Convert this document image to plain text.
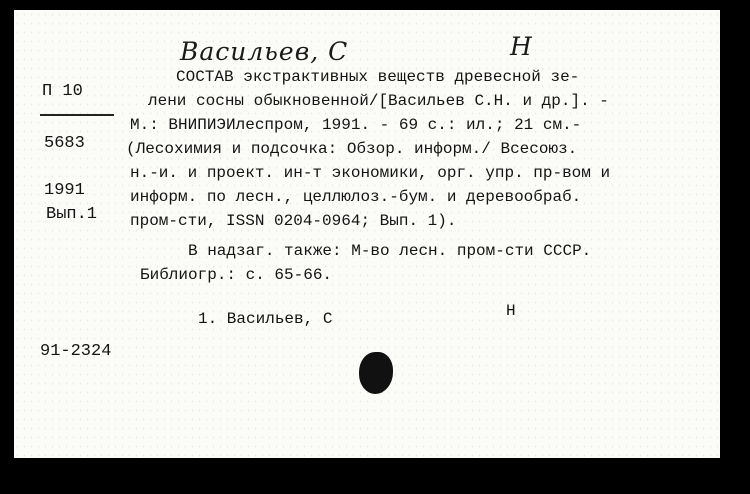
Васильев, С	Н
П 10
5683
1991
Вып.1
91-2324
СОСТАВ экстрактивных веществ древесной зе-
лени сосны обыкновенной/[Васильев С.Н. и др.]. -
М.: ВНИПИЭИлеспром, 1991. - 69 с.: ил.; 21 см.-
(Лесохимия и подсочка: Обзор. информ./ Всесоюз.
н.-и. и проект. ин-т экономики, орг. упр. пр-вом и
информ. по лесн., целлюлоз.-бум. и деревообраб.
пром-сти, ISSN 0204-0964; Вып. 1).
В надзаг. также: М-во лесн. пром-сти СССР.
Библиогр.: с. 65-66.
1. Васильев, С	Н
